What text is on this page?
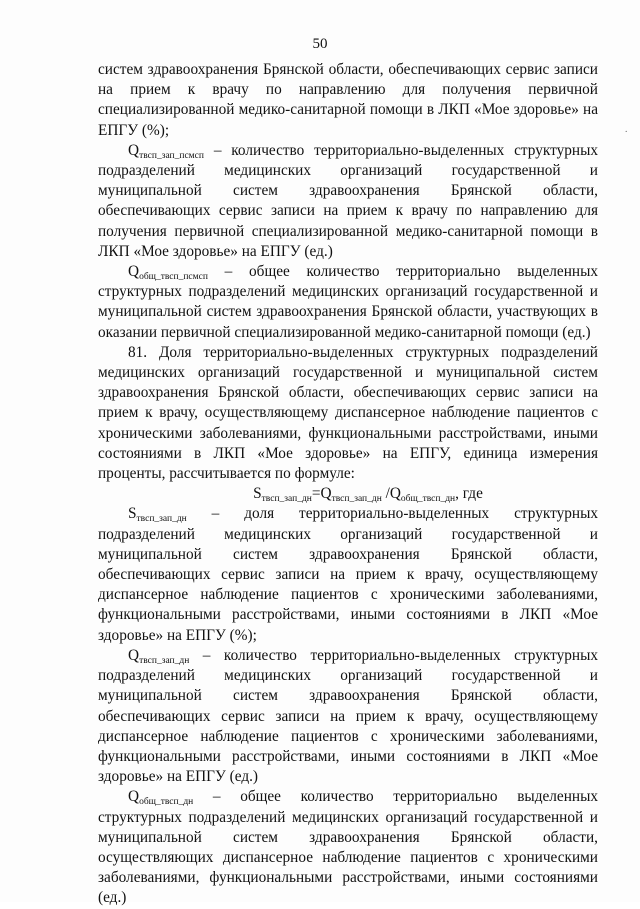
50
·

систем здравоохранения Брянской области, обеспечивающих сервис записи на прием к врачу по направлению для получения первичной специализированной медико-санитарной помощи в ЛКП «Мое здоровье» на ЕПГУ (%);

$Q_{твсп\_зап\_псмсп}$ – количество территориально-выделенных структурных подразделений медицинских организаций государственной и муниципальной систем здравоохранения Брянской области, обеспечивающих сервис записи на прием к врачу по направлению для получения первичной специализированной медико-санитарной помощи в ЛКП «Мое здоровье» на ЕПГУ (ед.)

$Q_{общ\_твсп\_псмсп}$ – общее количество территориально выделенных структурных подразделений медицинских организаций государственной и муниципальной систем здравоохранения Брянской области, участвующих в оказании первичной специализированной медико-санитарной помощи (ед.)

81. Доля территориально-выделенных структурных подразделений медицинских организаций государственной и муниципальной систем здравоохранения Брянской области, обеспечивающих сервис записи на прием к врачу, осуществляющему диспансерное наблюдение пациентов с хроническими заболеваниями, функциональными расстройствами, иными состояниями в ЛКП «Мое здоровье» на ЕПГУ, единица измерения проценты, рассчитывается по формуле:

$S_{твсп\_зап\_дн}=Q_{твсп\_зап\_дн}$ $/Q_{общ\_твсп\_дн}$, где

$S_{твсп\_зап\_дн}$ – доля территориально-выделенных структурных подразделений медицинских организаций государственной и муниципальной систем здравоохранения Брянской области, обеспечивающих сервис записи на прием к врачу, осуществляющему диспансерное наблюдение пациентов с хроническими заболеваниями, функциональными расстройствами, иными состояниями в ЛКП «Мое здоровье» на ЕПГУ (%);

$Q_{твсп\_зап\_дн}$ – количество территориально-выделенных структурных подразделений медицинских организаций государственной и муниципальной систем здравоохранения Брянской области, обеспечивающих сервис записи на прием к врачу, осуществляющему диспансерное наблюдение пациентов с хроническими заболеваниями, функциональными расстройствами, иными состояниями в ЛКП «Мое здоровье» на ЕПГУ (ед.)

$Q_{общ\_твсп\_дн}$ – общее количество территориально выделенных структурных подразделений медицинских организаций государственной и муниципальной систем здравоохранения Брянской области, осуществляющих диспансерное наблюдение пациентов с хроническими заболеваниями, функциональными расстройствами, иными состояниями (ед.)
